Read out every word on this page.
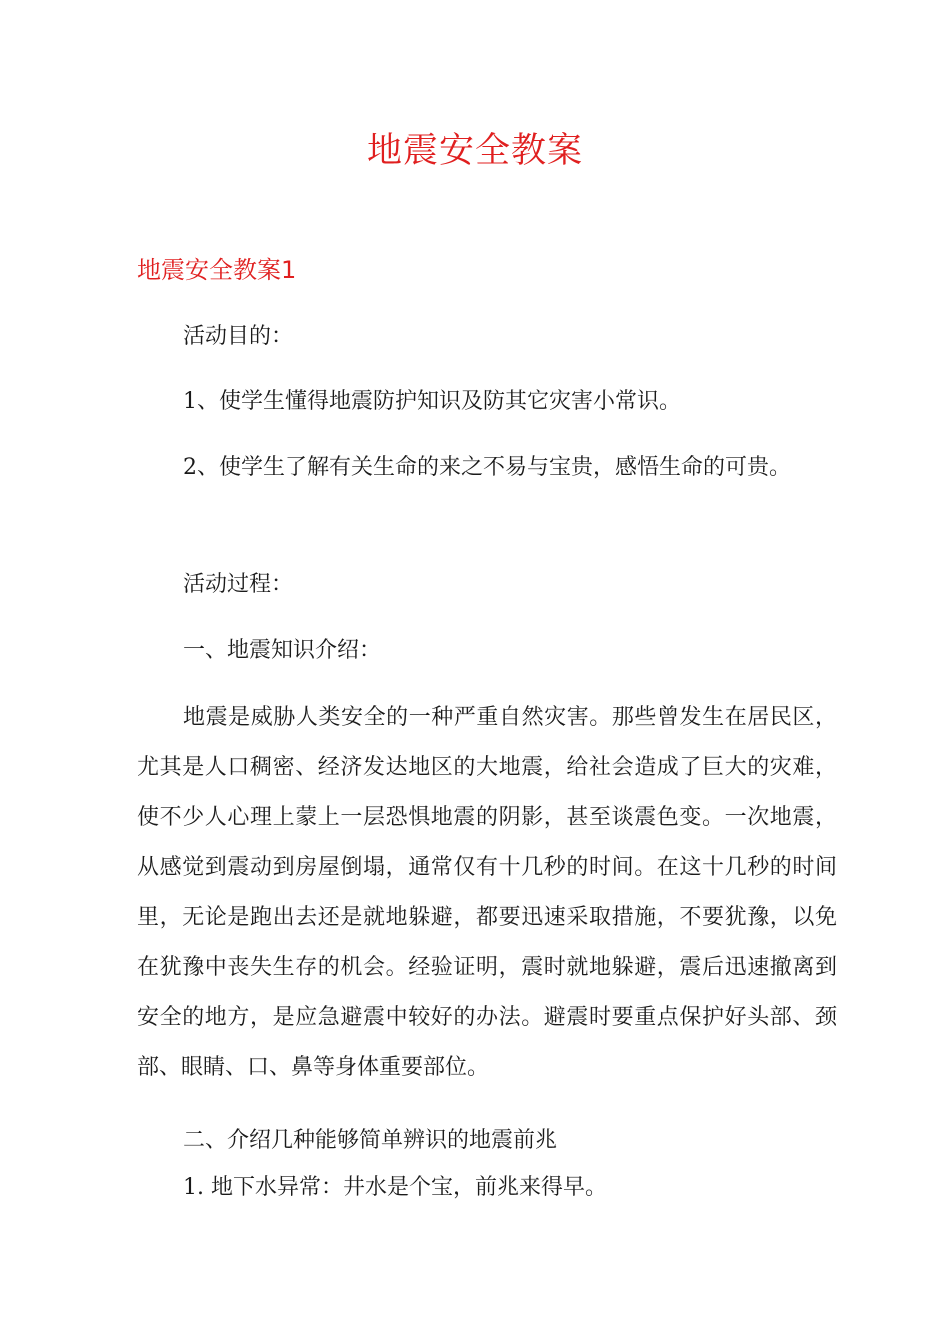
地震安全教案
地震安全教案1

活动目的：

1、使学生懂得地震防护知识及防其它灾害小常识。

2、使学生了解有关生命的来之不易与宝贵，感悟生命的可贵。

活动过程：

一、地震知识介绍：

地震是威胁人类安全的一种严重自然灾害。那些曾发生在居民区，尤其是人口稠密、经济发达地区的大地震，给社会造成了巨大的灾难，使不少人心理上蒙上一层恐惧地震的阴影，甚至谈震色变。一次地震，从感觉到震动到房屋倒塌，通常仅有十几秒的时间。在这十几秒的时间里，无论是跑出去还是就地躲避，都要迅速采取措施，不要犹豫，以免在犹豫中丧失生存的机会。经验证明，震时就地躲避，震后迅速撤离到安全的地方，是应急避震中较好的办法。避震时要重点保护好头部、颈部、眼睛、口、鼻等身体重要部位。

二、介绍几种能够简单辨识的地震前兆

1. 地下水异常：井水是个宝，前兆来得早。
